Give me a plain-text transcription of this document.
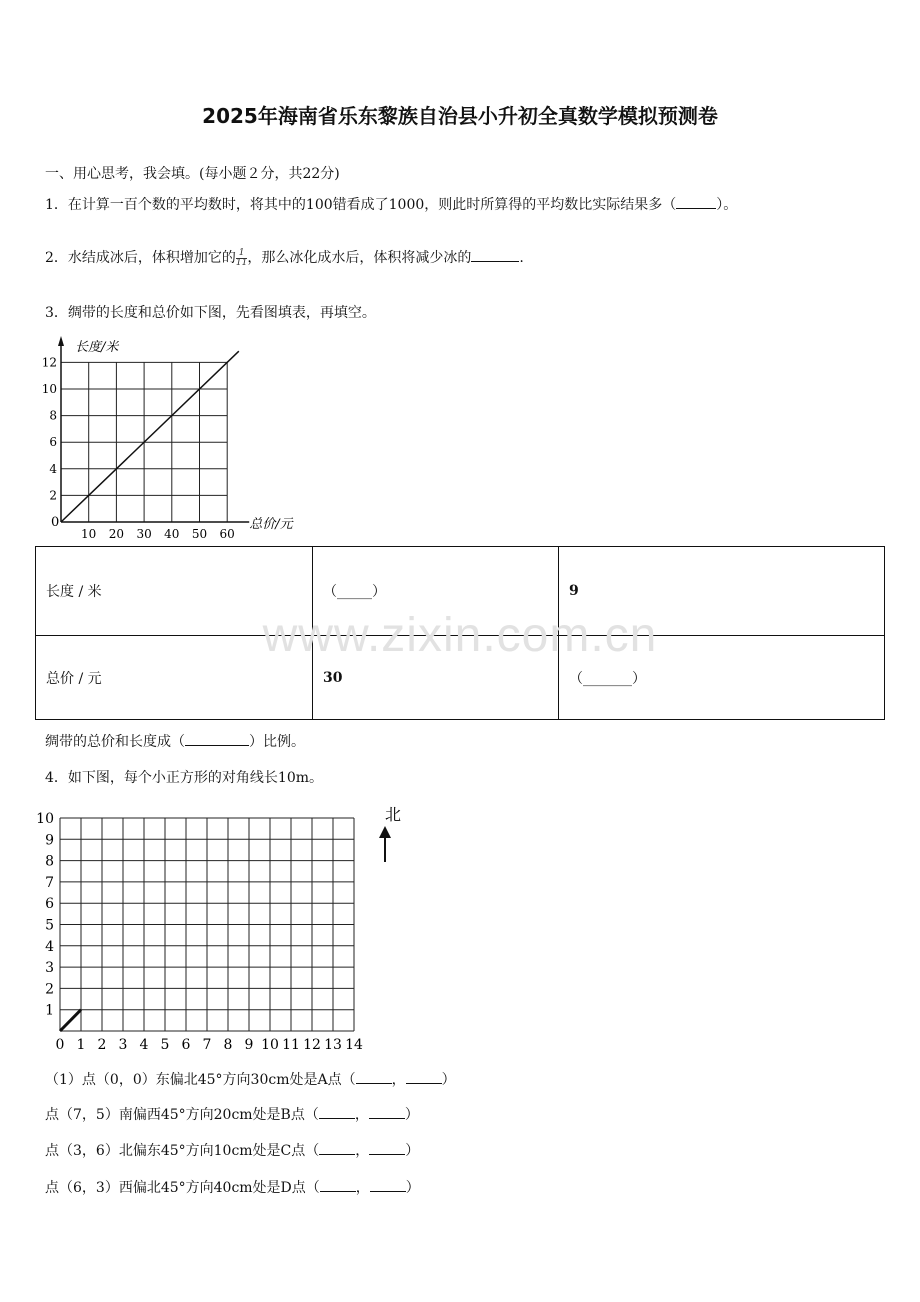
2025年海南省乐东黎族自治县小升初全真数学模拟预测卷
一、用心思考，我会填。(每小题２分，共22分)
1．在计算一百个数的平均数时，将其中的100错看成了1000，则此时所算得的平均数比实际结果多（	）。
2．水结成冰后，体积增加它的 $\frac{1}{11}$ ，那么冰化成水后，体积将减少冰的	.
3．绸带的长度和总价如下图，先看图填表，再填空。
10 20 30 40 50 60
2
4
6
8
10
12
总价/元
长度/米
0
长度 / 米	（_____）	9
总价 / 元	30	（_______）
www.zixin.com.cn
绸带的总价和长度成（	）比例。
4．如下图，每个小正方形的对角线长10m。
0 1 2 3 4 5 6 7 8 9 10 11 12 13 14
1
2
3
4
5
6
7
8
9
10	北
（1）点（0，0）东偏北45°方向30cm处是A点（	，	）
点（7，5）南偏西45°方向20cm处是B点（	，	）
点（3，6）北偏东45°方向10cm处是C点（	，	）
点（6，3）西偏北45°方向40cm处是D点（	，	）
